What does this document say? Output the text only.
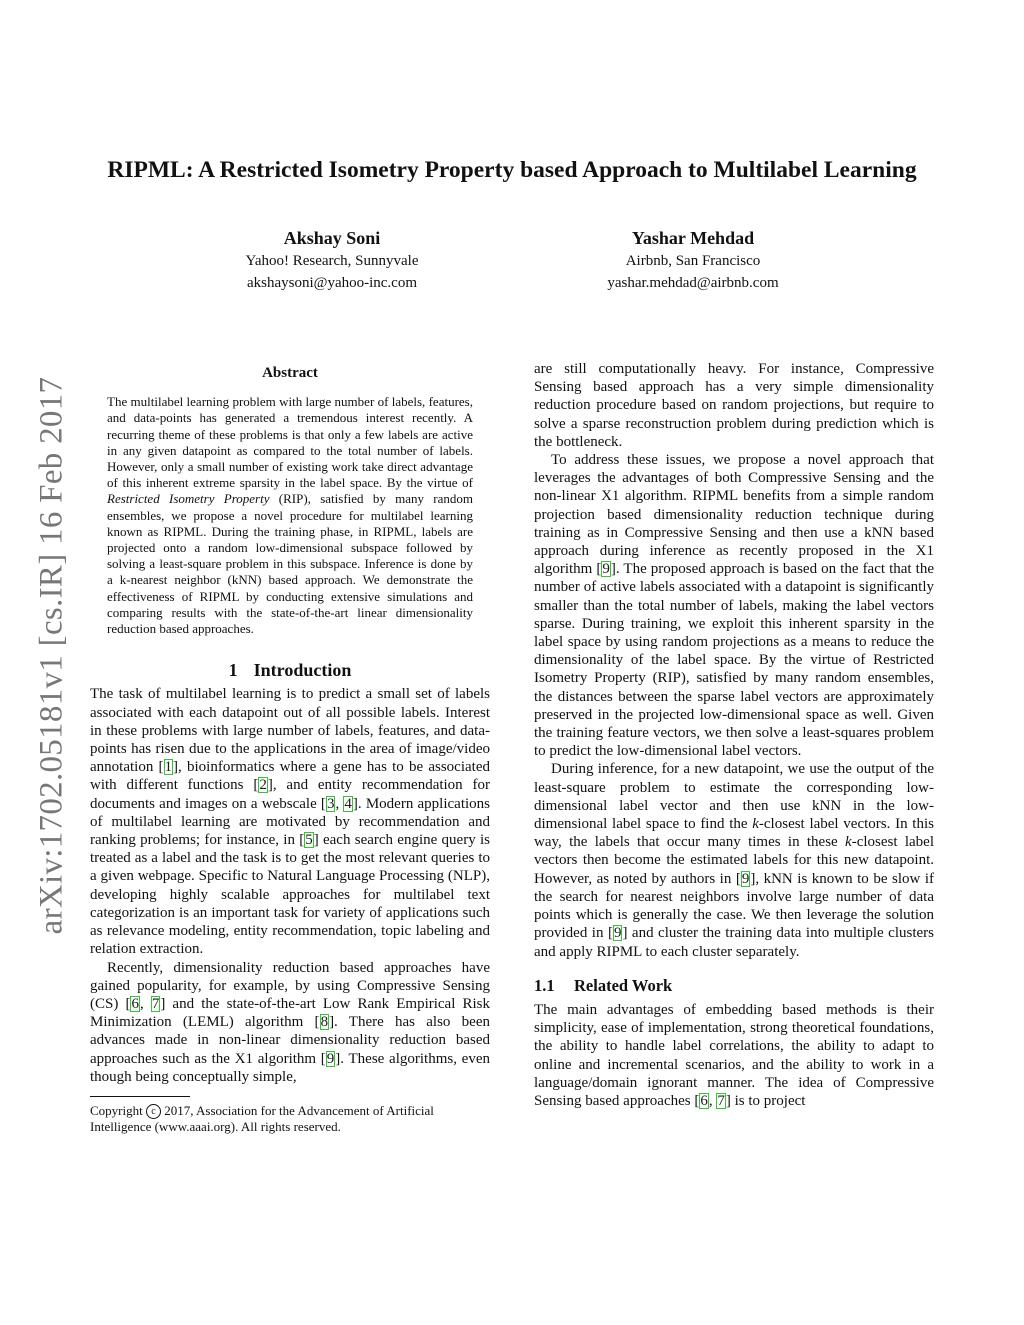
arXiv:1702.05181v1 [cs.IR] 16 Feb 2017
RIPML: A Restricted Isometry Property based Approach to Multilabel Learning
Akshay Soni
Yahoo! Research, Sunnyvale
akshaysoni@yahoo-inc.com
Yashar Mehdad
Airbnb, San Francisco
yashar.mehdad@airbnb.com
Abstract

The multilabel learning problem with large number of labels, features, and data-points has generated a tremendous interest recently. A recurring theme of these problems is that only a few labels are active in any given datapoint as compared to the total number of labels. However, only a small number of existing work take direct advantage of this inherent extreme sparsity in the label space. By the virtue of Restricted Isometry Property (RIP), satisfied by many random ensembles, we propose a novel procedure for multilabel learning known as RIPML. During the training phase, in RIPML, labels are projected onto a random low-dimensional subspace followed by solving a least-square problem in this subspace. Inference is done by a k-nearest neighbor (kNN) based approach. We demonstrate the effectiveness of RIPML by conducting extensive simulations and comparing results with the state-of-the-art linear dimensionality reduction based approaches.

1 Introduction

The task of multilabel learning is to predict a small set of labels associated with each datapoint out of all possible labels. Interest in these problems with large number of labels, features, and data-points has risen due to the applications in the area of image/video annotation [1], bioinformatics where a gene has to be associated with different functions [2], and entity recommendation for documents and images on a webscale [3, 4]. Modern applications of multilabel learning are motivated by recommendation and ranking problems; for instance, in [5] each search engine query is treated as a label and the task is to get the most relevant queries to a given webpage. Specific to Natural Language Processing (NLP), developing highly scalable approaches for multilabel text categorization is an important task for variety of applications such as relevance modeling, entity recommendation, topic labeling and relation extraction.

Recently, dimensionality reduction based approaches have gained popularity, for example, by using Compressive Sensing (CS) [6, 7] and the state-of-the-art Low Rank Empirical Risk Minimization (LEML) algorithm [8]. There has also been advances made in non-linear dimensionality reduction based approaches such as the X1 algorithm [9]. These algorithms, even though being conceptually simple,

Copyright c 2017, Association for the Advancement of Artificial Intelligence (www.aaai.org). All rights reserved.

are still computationally heavy. For instance, Compressive Sensing based approach has a very simple dimensionality reduction procedure based on random projections, but require to solve a sparse reconstruction problem during prediction which is the bottleneck.

To address these issues, we propose a novel approach that leverages the advantages of both Compressive Sensing and the non-linear X1 algorithm. RIPML benefits from a simple random projection based dimensionality reduction technique during training as in Compressive Sensing and then use a kNN based approach during inference as recently proposed in the X1 algorithm [9]. The proposed approach is based on the fact that the number of active labels associated with a datapoint is significantly smaller than the total number of labels, making the label vectors sparse. During training, we exploit this inherent sparsity in the label space by using random projections as a means to reduce the dimensionality of the label space. By the virtue of Restricted Isometry Property (RIP), satisfied by many random ensembles, the distances between the sparse label vectors are approximately preserved in the projected low-dimensional space as well. Given the training feature vectors, we then solve a least-squares problem to predict the low-dimensional label vectors.

During inference, for a new datapoint, we use the output of the least-square problem to estimate the corresponding low-dimensional label vector and then use kNN in the low-dimensional label space to find the k-closest label vectors. In this way, the labels that occur many times in these k-closest label vectors then become the estimated labels for this new datapoint. However, as noted by authors in [9], kNN is known to be slow if the search for nearest neighbors involve large number of data points which is generally the case. We then leverage the solution provided in [9] and cluster the training data into multiple clusters and apply RIPML to each cluster separately.

1.1 Related Work

The main advantages of embedding based methods is their simplicity, ease of implementation, strong theoretical foundations, the ability to handle label correlations, the ability to adapt to online and incremental scenarios, and the ability to work in a language/domain ignorant manner. The idea of Compressive Sensing based approaches [6, 7] is to project
